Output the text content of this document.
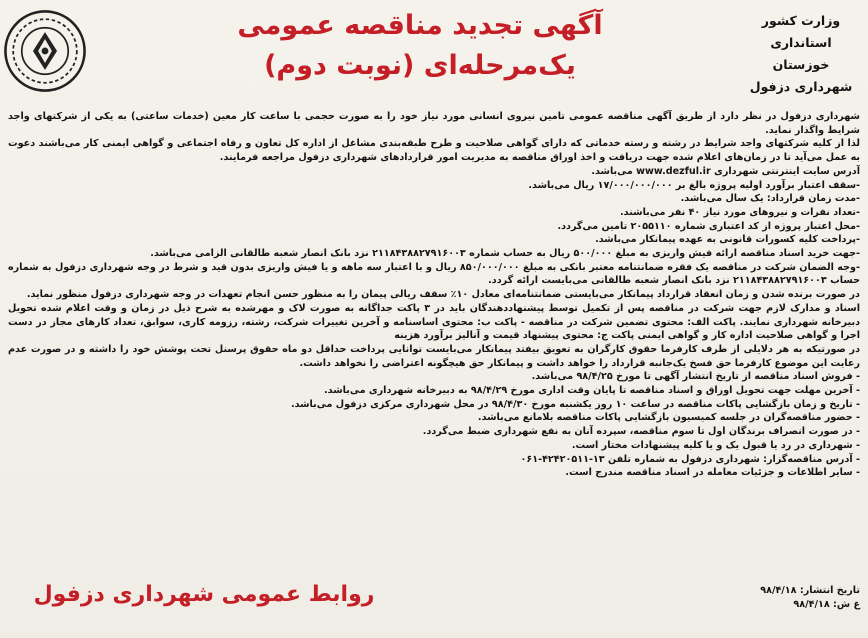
وزارت کشور
استانداری خوزستان
شهرداری دزفول
آگهی تجدید مناقصه عمومی
یک‌مرحله‌ای (نوبت دوم)

شهرداری دزفول در نظر دارد از طریق آگهی مناقصه عمومی تامین نیروی انسانی مورد نیاز خود را به صورت حجمی با ساعت کار معین (خدمات ساعتی) به یکی از شرکتهای واجد شرایط واگذار نماید.

لذا از کلیه شرکتهای واجد شرایط در رشته و رسته خدماتی که دارای گواهی صلاحیت و طرح طبقه‌بندی مشاغل از اداره کل تعاون و رفاه اجتماعی و گواهی ایمنی کار می‌باشند دعوت به عمل می‌آید تا در زمان‌های اعلام شده جهت دریافت و اخذ اوراق مناقصه به مدیریت امور قراردادهای شهرداری دزفول مراجعه فرمایند.

آدرس سایت اینترنتی شهرداری www.dezful.ir می‌باشد.

-سقف اعتبار برآورد اولیه پروژه بالغ بر ۱۷/۰۰۰/۰۰۰/۰۰۰ ریال می‌باشد.

-مدت زمان قرارداد: یک سال می‌باشد.

-تعداد نفرات و نیروهای مورد نیاز ۴۰ نفر می‌باشند.

-محل اعتبار پروژه از کد اعتباری شماره ۲۰۵۵۱۱۰ تامین می‌گردد.

-پرداخت کلیه کسورات قانونی به عهده پیمانکار می‌باشد.

-جهت خرید اسناد مناقصه ارائه فیش واریزی به مبلغ ۵۰۰/۰۰۰ ریال به حساب شماره ۲۱۱۸۴۳۸۸۲۷۹۱۶۰۰۳ نزد بانک انصار شعبه طالقانی الزامی می‌باشد.

-وجه الضمان شرکت در مناقصه یک فقره ضمانتنامه معتبر بانکی به مبلغ ۸۵۰/۰۰۰/۰۰۰ ریال و با اعتبار سه ماهه و یا فیش واریزی بدون قید و شرط در وجه شهرداری دزفول به شماره حساب ۲۱۱۸۴۳۸۸۲۷۹۱۶۰۰۳ نزد بانک انصار شعبه طالقانی می‌بایست ارائه گردد.

در صورت برنده شدن و زمان انعقاد قرارداد پیمانکار می‌بایستی ضمانتنامه‌ای معادل ۱۰٪ سقف ریالی پیمان را به منظور حسن انجام تعهدات در وجه شهرداری دزفول منظور نماید.

اسناد و مدارک لازم جهت شرکت در مناقصه پس از تکمیل توسط پیشنهاددهندگان باید در ۳ پاکت جداگانه به صورت لاک و مهرشده به شرح ذیل در زمان و وقت اعلام شده تحویل دبیرخانه شهرداری نمایند. پاکت الف: محتوی تضمین شرکت در مناقصه - پاکت ب: محتوی اساسنامه و آخرین تغییرات شرکت، رشته، رزومه کاری، سوابق، تعداد کارهای مجاز در دست اجرا و گواهی صلاحیت اداره کار و گواهی ایمنی پاکت ج: محتوی پیشنهاد قیمت و آنالیز برآورد هزینه

در صورتیکه به هر دلایلی از طرف کارفرما حقوق کارگران به تعویق بیفتد پیمانکار می‌بایست توانایی پرداخت حداقل دو ماه حقوق پرسنل تحت پوشش خود را داشته و در صورت عدم رعایت این موضوع کارفرما حق فسخ یک‌جانبه قرارداد را خواهد داشت و پیمانکار حق هیچگونه اعتراضی را نخواهد داشت.

- فروش اسناد مناقصه از تاریخ انتشار آگهی تا مورخ ۹۸/۴/۲۵ می‌باشد.

- آخرین مهلت جهت تحویل اوراق و اسناد مناقصه تا پایان وقت اداری مورخ ۹۸/۴/۲۹ به دبیرخانه شهرداری می‌باشد.

- تاریخ و زمان بازگشایی پاکات مناقصه در ساعت ۱۰ روز یکشنبه مورخ ۹۸/۴/۳۰ در محل شهرداری مرکزی دزفول می‌باشد.

- حضور مناقصه‌گران در جلسه کمیسیون بازگشایی پاکات مناقصه بلامانع می‌باشد.

- در صورت انصراف برندگان اول تا سوم مناقصه، سپرده آنان به نفع شهرداری ضبط می‌گردد.

- شهرداری در رد یا قبول یک و یا کلیه پیشنهادات مختار است.

- آدرس مناقصه‌گزار: شهرداری دزفول به شماره تلفن ۱۳-۴۲۴۲۰۵۱۱-۰۶۱

- سایر اطلاعات و جزئیات معامله در اسناد مناقصه مندرج است.

تاریخ انتشار: ۹۸/۴/۱۸

غ ش: ۹۸/۴/۱۸

روابط عمومی شهرداری دزفول
